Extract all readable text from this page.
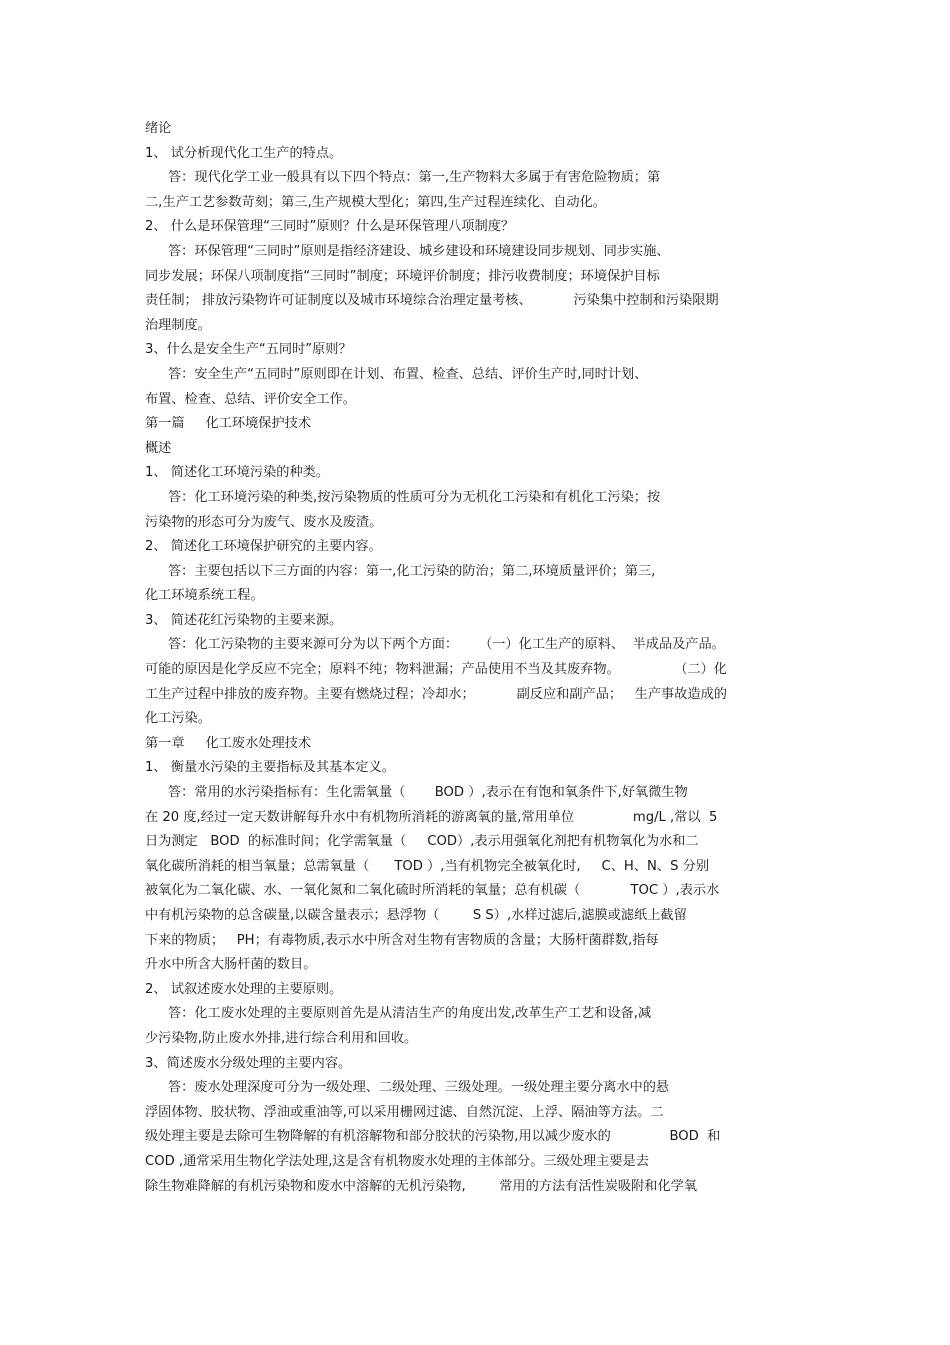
绪论
1、 试分析现代化工生产的特点。
答：现代化学工业一般具有以下四个特点：第一,生产物料大多属于有害危险物质；第
二,生产工艺参数苛刻；第三,生产规模大型化；第四,生产过程连续化、自动化。
2、 什么是环保管理“三同时”原则？什么是环保管理八项制度？
答：环保管理“三同时”原则是指经济建设、城乡建设和环境建设同步规划、同步实施、
同步发展；环保八项制度指“三同时”制度；环境评价制度；排污收费制度；环境保护目标
责任制； 排放污染物许可证制度以及城市环境综合治理定量考核、          污染集中控制和污染限期
治理制度。
3、什么是安全生产“五同时”原则？
答：安全生产“五同时”原则即在计划、布置、检查、总结、评价生产时,同时计划、
布置、检查、总结、评价安全工作。
第一篇     化工环境保护技术
概述
1、 简述化工环境污染的种类。
答：化工环境污染的种类,按污染物质的性质可分为无机化工污染和有机化工污染；按
污染物的形态可分为废气、废水及废渣。
2、 简述化工环境保护研究的主要内容。
答：主要包括以下三方面的内容：第一,化工污染的防治；第二,环境质量评价；第三,
化工环境系统工程。
3、 简述花红污染物的主要来源。
答：化工污染物的主要来源可分为以下两个方面：     （一）化工生产的原料、  半成品及产品。
可能的原因是化学反应不完全；原料不纯；物料泄漏；产品使用不当及其废弃物。             （二）化
工生产过程中排放的废弃物。主要有燃烧过程；冷却水；          副反应和副产品；   生产事故造成的
化工污染。
第一章     化工废水处理技术
1、 衡量水污染的主要指标及其基本定义。
答：常用的水污染指标有：生化需氧量（       BOD ）,表示在有饱和氧条件下,好氧微生物
在 20 度,经过一定天数讲解每升水中有机物所消耗的游离氧的量,常用单位              mg/L ,常以  5
日为测定   BOD  的标准时间；化学需氧量（     COD）,表示用强氧化剂把有机物氧化为水和二
氧化碳所消耗的相当氧量；总需氧量（      TOD ）,当有机物完全被氧化时,     C、H、N、S 分别
被氧化为二氧化碳、水、一氧化氮和二氧化硫时所消耗的氧量；总有机碳（            TOC ）,表示水
中有机污染物的总含碳量,以碳含量表示；悬浮物（        S S）,水样过滤后,滤膜或滤纸上截留
下来的物质；   PH；有毒物质,表示水中所含对生物有害物质的含量；大肠杆菌群数,指每
升水中所含大肠杆菌的数目。
2、 试叙述废水处理的主要原则。
答：化工废水处理的主要原则首先是从清洁生产的角度出发,改革生产工艺和设备,减
少污染物,防止废水外排,进行综合利用和回收。
3、简述废水分级处理的主要内容。
答：废水处理深度可分为一级处理、二级处理、三级处理。一级处理主要分离水中的悬
浮固体物、胶状物、浮油或重油等,可以采用栅网过滤、自然沉淀、上浮、隔油等方法。二
级处理主要是去除可生物降解的有机溶解物和部分胶状的污染物,用以减少废水的              BOD  和
COD ,通常采用生物化学法处理,这是含有机物废水处理的主体部分。三级处理主要是去
除生物难降解的有机污染物和废水中溶解的无机污染物,        常用的方法有活性炭吸附和化学氧
